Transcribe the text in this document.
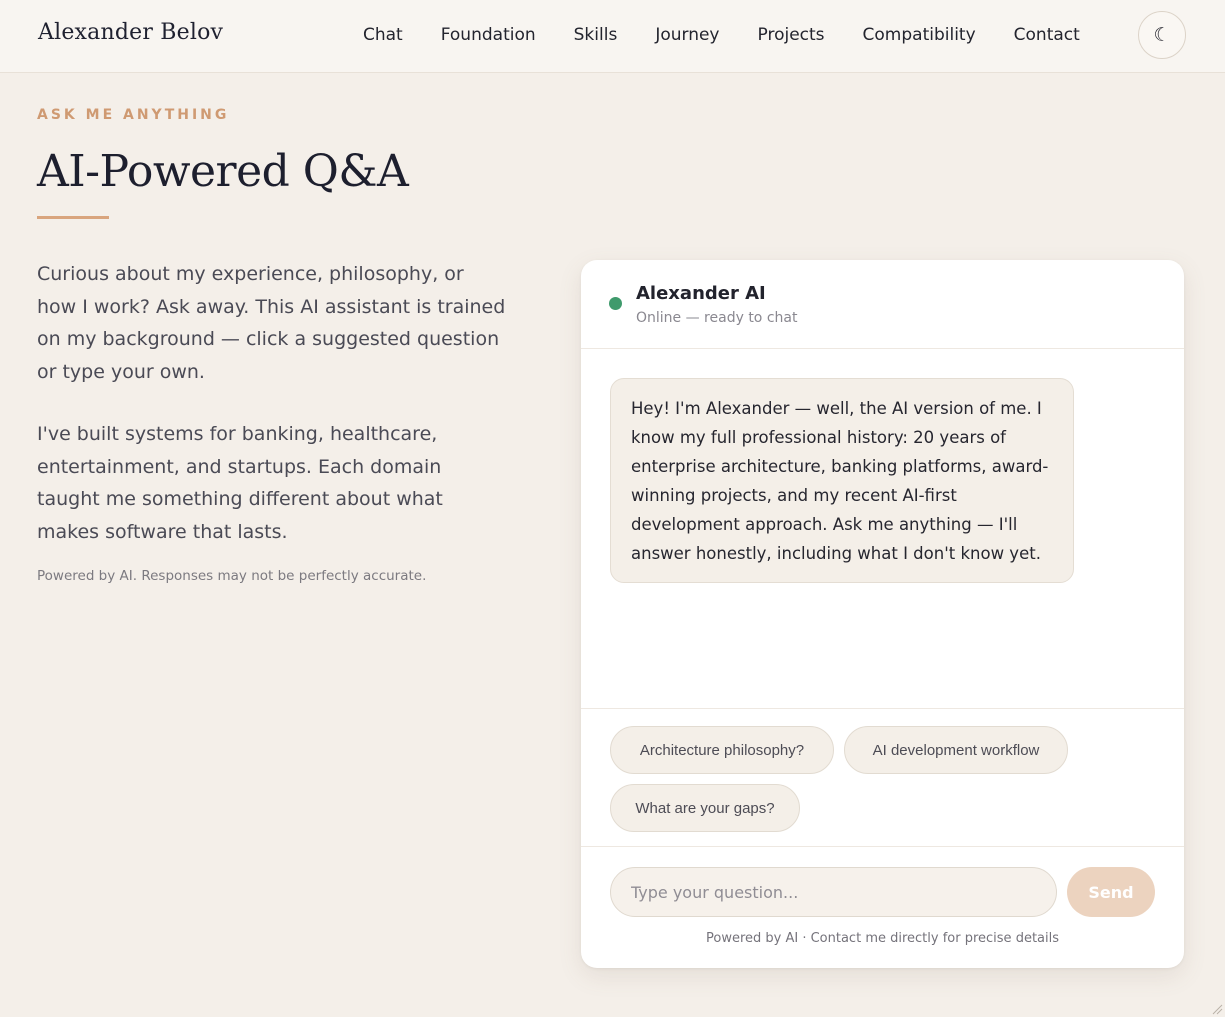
Alexander Belov	Chat Foundation Skills Journey Projects Compatibility Contact	☾
ASK ME ANYTHING
AI-Powered Q&A

Curious about my experience, philosophy, or how I work? Ask away. This AI assistant is trained on my background — click a suggested question or type your own.

I've built systems for banking, healthcare, entertainment, and startups. Each domain taught me something different about what makes software that lasts.

Powered by AI. Responses may not be perfectly accurate.

Alexander AI
Online — ready to chat
Hey! I'm Alexander — well, the AI version of me. I know my full professional history: 20 years of enterprise architecture, banking platforms, award-winning projects, and my recent AI-first development approach. Ask me anything — I'll answer honestly, including what I don't know yet.
Architecture philosophy?	AI development workflow
What are your gaps?
Type your question...
Send
Powered by AI · Contact me directly for precise details
